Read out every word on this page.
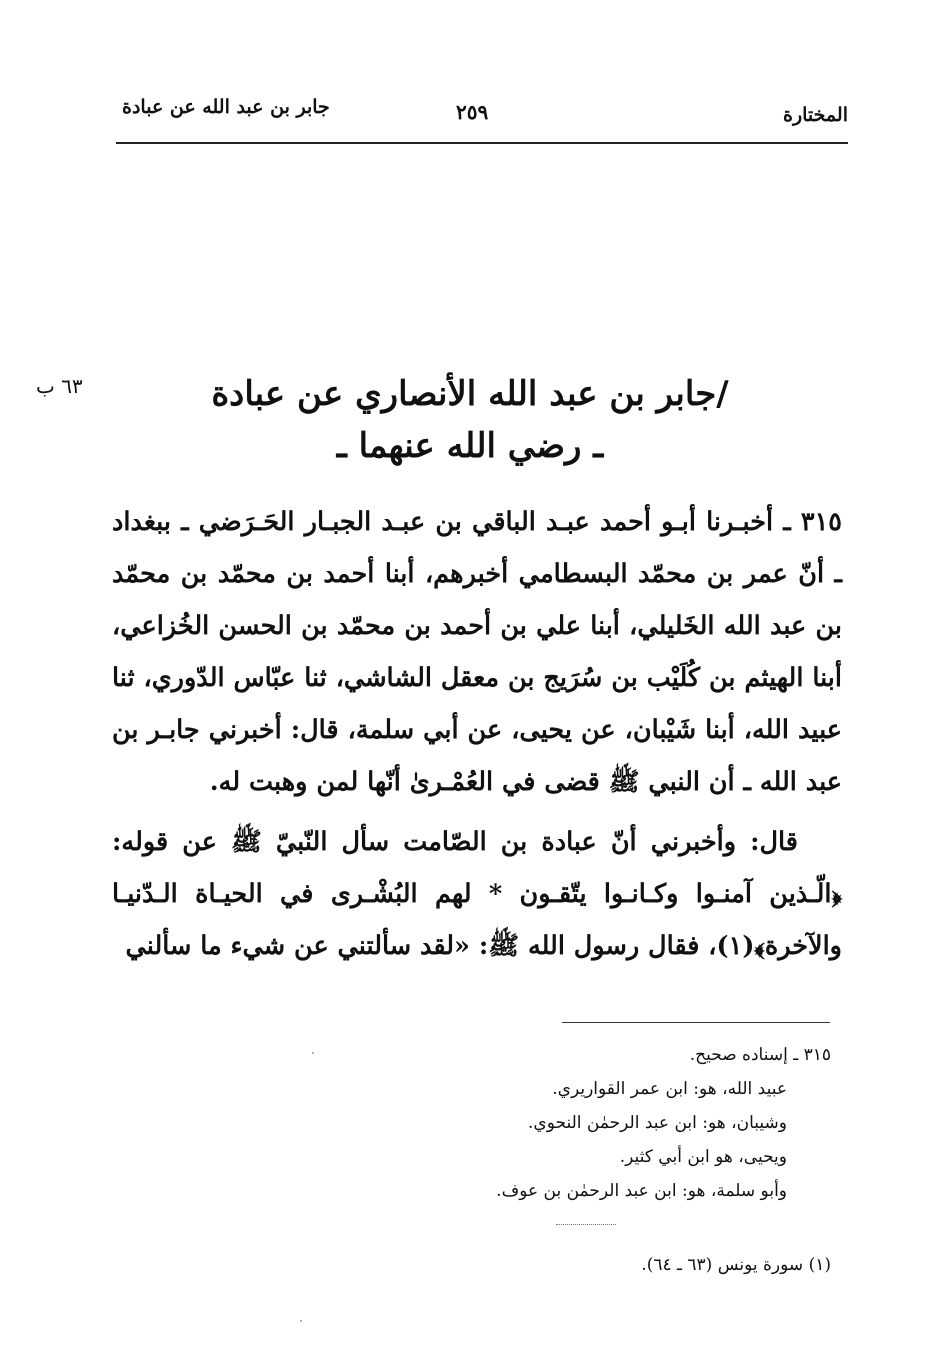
المختارة
٢٥٩
جابر بن عبد الله عن عبادة
٦٣ ب	/جابر بن عبد الله الأنصاري عن عبادة
ـ رضي الله عنهما ـ

٣١٥ ـ أخبـرنا أبـو أحمد عبـد الباقي بن عبـد الجبـار الحَـرَضي ـ ببغداد ـ أنّ عمر بن محمّد البسطامي أخبرهم، أبنا أحمد بن محمّد بن محمّد بن عبد الله الخَليلي، أبنا علي بن أحمد بن محمّد بن الحسن الخُزاعي، أبنا الهيثم بن كُلَيْب بن سُرَيج بن معقل الشاشي، ثنا عبّاس الدّوري، ثنا عبيد الله، أبنا شَيْبان، عن يحيى، عن أبي سلمة، قال: أخبرني جابـر بن عبد الله ـ أن النبي ﷺ قضى في العُمْـرىٰ أنّها لمن وهبت له.

قال: وأخبرني أنّ عبادة بن الصّامت سأل النّبيّ ﷺ عن قوله: ﴿الّـذين آمنـوا وكـانـوا يتّقـون * لهم البُشْـرى في الحيـاة الـدّنيـا والآخرة﴾(١)، فقال رسول الله ﷺ: «لقد سألتني عن شيء ما سألني

٣١٥ ـ إسناده صحيح.
عبيد الله، هو: ابن عمر القواريري.
وشيبان، هو: ابن عبد الرحمٰن النحوي.
ويحيى، هو ابن أبي كثير.
وأبو سلمة، هو: ابن عبد الرحمٰن بن عوف.
(١) سورة يونس (٦٣ ـ ٦٤).
